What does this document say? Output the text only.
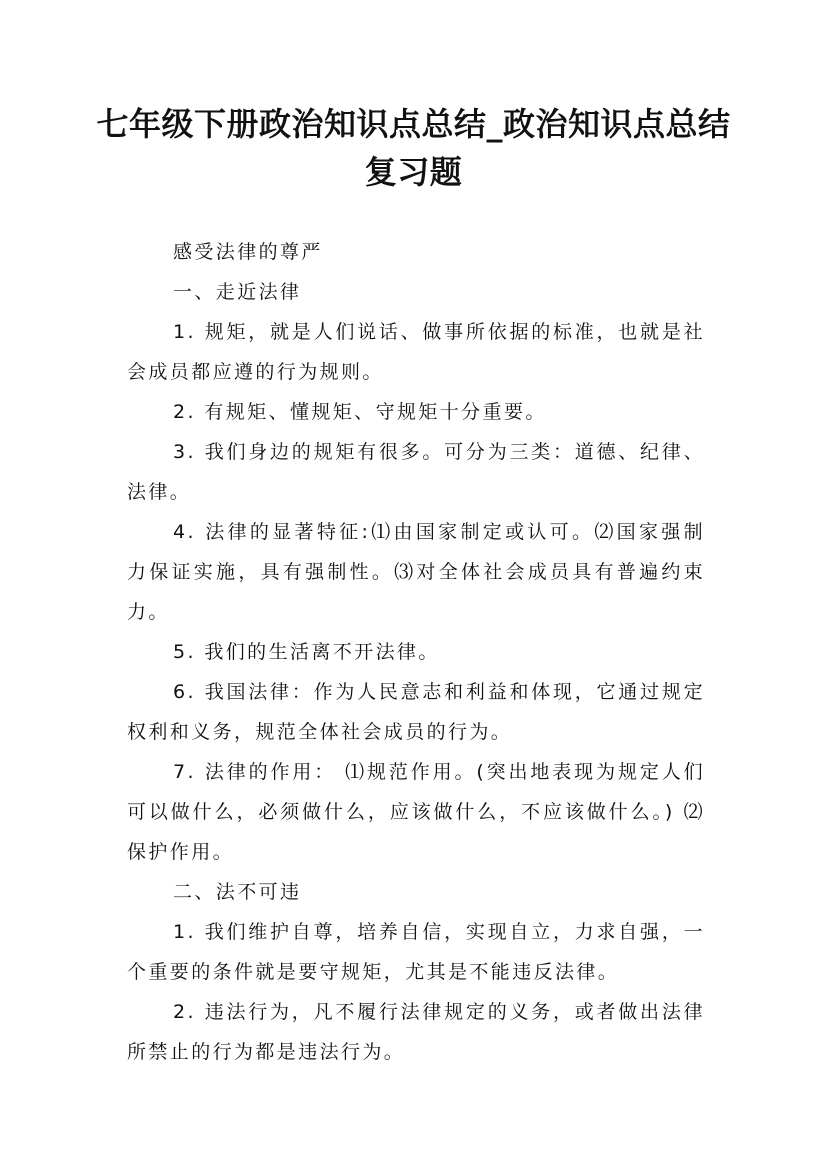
七年级下册政治知识点总结_政治知识点总结复习题

感受法律的尊严

一、走近法律

1. 规矩，就是人们说话、做事所依据的标准，也就是社会成员都应遵的行为规则。

2. 有规矩、懂规矩、守规矩十分重要。

3. 我们身边的规矩有很多。可分为三类：道德、纪律、法律。

4. 法律的显著特征:⑴由国家制定或认可。⑵国家强制力保证实施，具有强制性。⑶对全体社会成员具有普遍约束力。

5. 我们的生活离不开法律。

6. 我国法律：作为人民意志和利益和体现，它通过规定权利和义务，规范全体社会成员的行为。

7. 法律的作用： ⑴规范作用。(突出地表现为规定人们可以做什么，必须做什么，应该做什么，不应该做什么。) ⑵保护作用。

二、法不可违

1. 我们维护自尊，培养自信，实现自立，力求自强，一个重要的条件就是要守规矩，尤其是不能违反法律。

2. 违法行为，凡不履行法律规定的义务，或者做出法律所禁止的行为都是违法行为。
